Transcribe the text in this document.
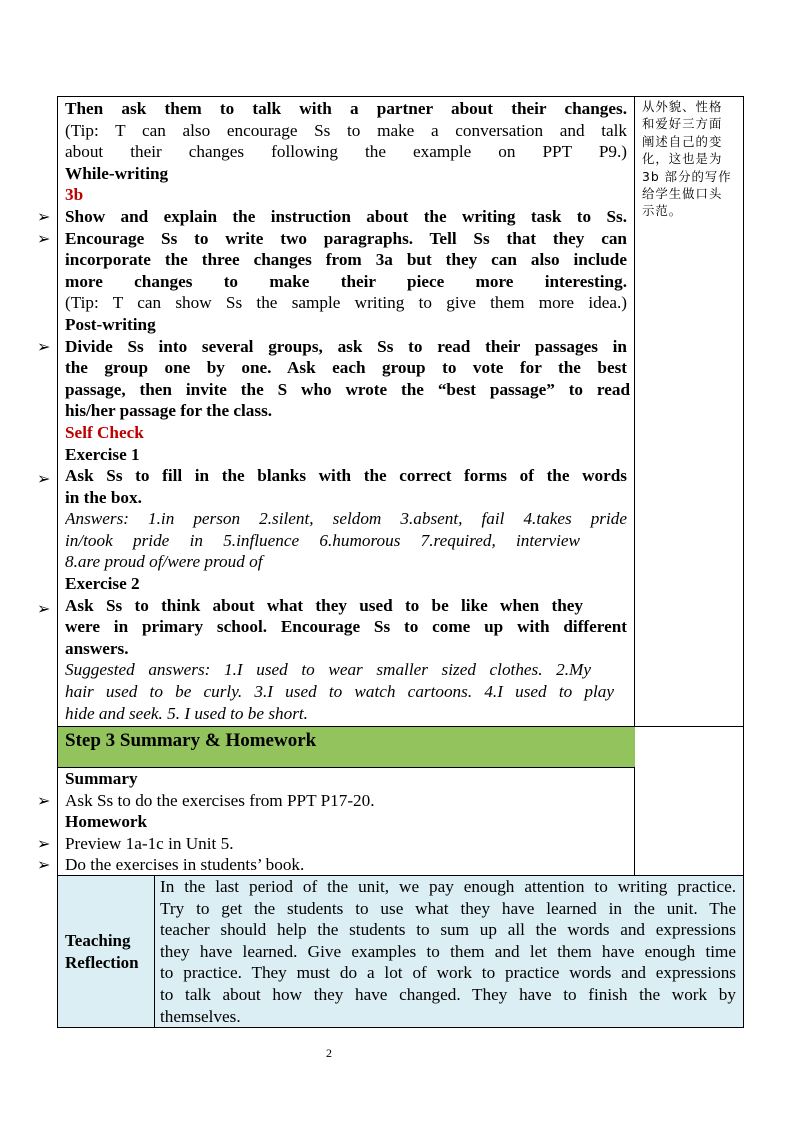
➢
➢
➢
➢
➢
➢
➢
➢
Then ask them to talk with a partner about their changes.
(Tip: T can also encourage Ss to make a conversation and talk
about their changes following the example on PPT P9.)
While-writing
3b
Show and explain the instruction about the writing task to Ss.
Encourage Ss to write two paragraphs. Tell Ss that they can
incorporate the three changes from 3a but they can also include
more changes to make their piece more interesting.
(Tip: T can show Ss the sample writing to give them more idea.)
Post-writing
Divide Ss into several groups, ask Ss to read their passages in
the group one by one. Ask each group to vote for the best
passage, then invite the S who wrote the “best passage” to read
his/her passage for the class.
Self Check
Exercise 1
Ask Ss to fill in the blanks with the correct forms of the words
in the box.
Answers: 1.in person 2.silent, seldom 3.absent, fail 4.takes pride
in/took pride in 5.influence 6.humorous 7.required, interview
8.are proud of/were proud of
Exercise 2
Ask Ss to think about what they used to be like when they
were in primary school. Encourage Ss to come up with different
answers.
Suggested answers: 1.I used to wear smaller sized clothes. 2.My
hair used to be curly. 3.I used to watch cartoons. 4.I used to play
hide and seek. 5. I used to be short.
从外貌、性格
和爱好三方面
阐述自己的变
化，这也是为
3b 部分的写作
给学生做口头
示范。
Step 3 Summary & Homework
Summary
Ask Ss to do the exercises from PPT P17-20.
Homework
Preview 1a-1c in Unit 5.
Do the exercises in students’ book.
Teaching
Reflection
In the last period of the unit, we pay enough attention to writing practice.
Try to get the students to use what they have learned in the unit. The
teacher should help the students to sum up all the words and expressions
they have learned. Give examples to them and let them have enough time
to practice. They must do a lot of work to practice words and expressions
to talk about how they have changed. They have to finish the work by
themselves.
2
